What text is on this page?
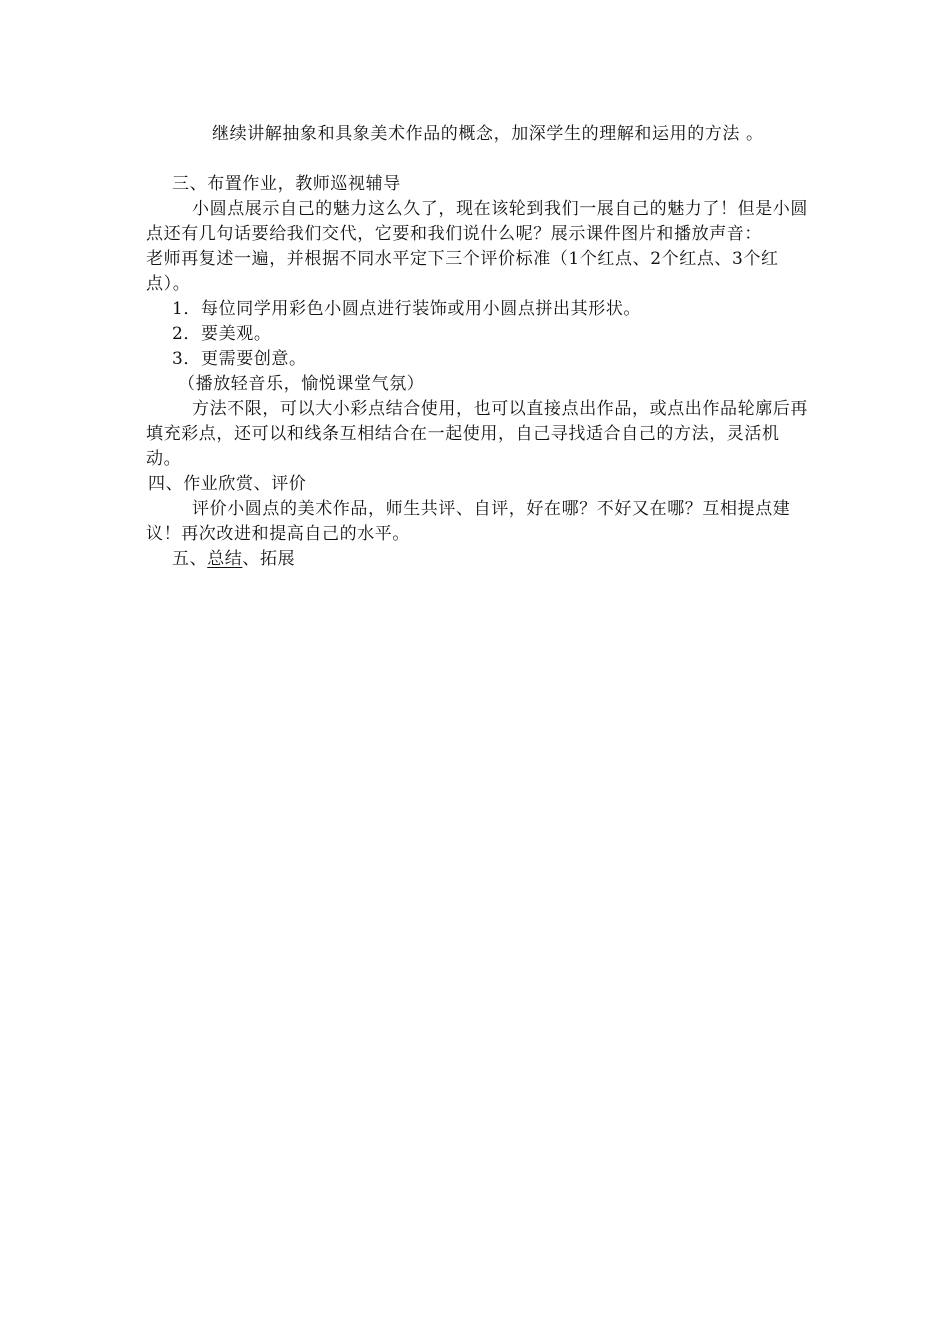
继续讲解抽象和具象美术作品的概念，加深学生的理解和运用的方法 。

三、布置作业，教师巡视辅导

小圆点展示自己的魅力这么久了，现在该轮到我们一展自己的魅力了！但是小圆点还有几句话要给我们交代，它要和我们说什么呢？展示课件图片和播放声音：

老师再复述一遍，并根据不同水平定下三个评价标准（1个红点、2个红点、3个红点）。

1．每位同学用彩色小圆点进行装饰或用小圆点拼出其形状。

2．要美观。

3．更需要创意。

（播放轻音乐，愉悦课堂气氛）

方法不限，可以大小彩点结合使用，也可以直接点出作品，或点出作品轮廓后再填充彩点，还可以和线条互相结合在一起使用，自己寻找适合自己的方法，灵活机动。

四、作业欣赏、评价

评价小圆点的美术作品，师生共评、自评，好在哪？不好又在哪？互相提点建议！再次改进和提高自己的水平。

五、总结、拓展
